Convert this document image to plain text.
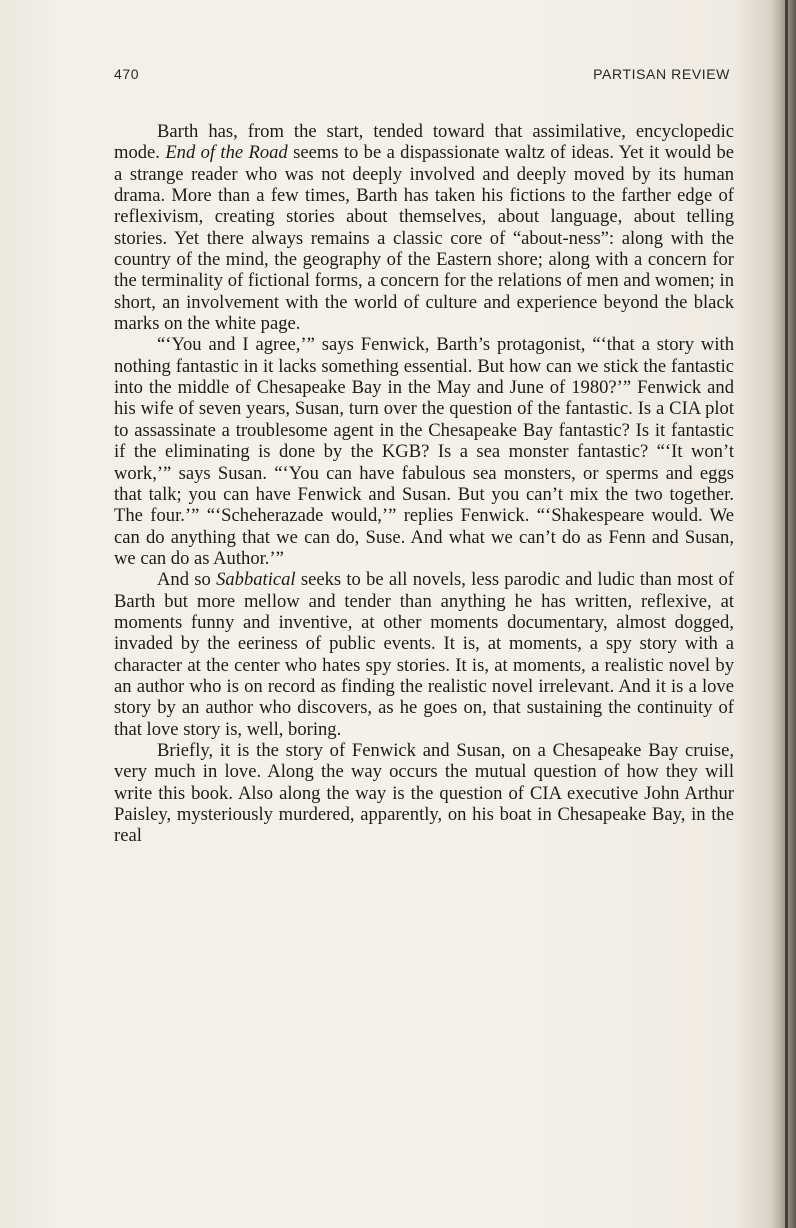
470	PARTISAN REVIEW

Barth has, from the start, tended toward that assimilative, encyclopedic mode. End of the Road seems to be a dispassionate waltz of ideas. Yet it would be a strange reader who was not deeply involved and deeply moved by its human drama. More than a few times, Barth has taken his fictions to the farther edge of reflexivism, creating stories about themselves, about language, about telling stories. Yet there always remains a classic core of “about-ness”: along with the country of the mind, the geography of the Eastern shore; along with a concern for the terminality of fictional forms, a concern for the relations of men and women; in short, an involvement with the world of culture and experience beyond the black marks on the white page.

“‘You and I agree,’” says Fenwick, Barth’s protagonist, “‘that a story with nothing fantastic in it lacks something essential. But how can we stick the fantastic into the middle of Chesapeake Bay in the May and June of 1980?’” Fenwick and his wife of seven years, Susan, turn over the question of the fantastic. Is a CIA plot to assassinate a troublesome agent in the Chesapeake Bay fantastic? Is it fantastic if the eliminating is done by the KGB? Is a sea monster fantastic? “‘It won’t work,’” says Susan. “‘You can have fabulous sea monsters, or sperms and eggs that talk; you can have Fenwick and Susan. But you can’t mix the two together. The four.’” “‘Scheherazade would,’” replies Fenwick. “‘Shakespeare would. We can do anything that we can do, Suse. And what we can’t do as Fenn and Susan, we can do as Author.’”

And so Sabbatical seeks to be all novels, less parodic and ludic than most of Barth but more mellow and tender than anything he has written, reflexive, at moments funny and inventive, at other moments documentary, almost dogged, invaded by the eeriness of public events. It is, at moments, a spy story with a character at the center who hates spy stories. It is, at moments, a realistic novel by an author who is on record as finding the realistic novel irrelevant. And it is a love story by an author who discovers, as he goes on, that sustaining the continuity of that love story is, well, boring.

Briefly, it is the story of Fenwick and Susan, on a Chesapeake Bay cruise, very much in love. Along the way occurs the mutual question of how they will write this book. Also along the way is the question of CIA executive John Arthur Paisley, mysteriously murdered, apparently, on his boat in Chesapeake Bay, in the real
